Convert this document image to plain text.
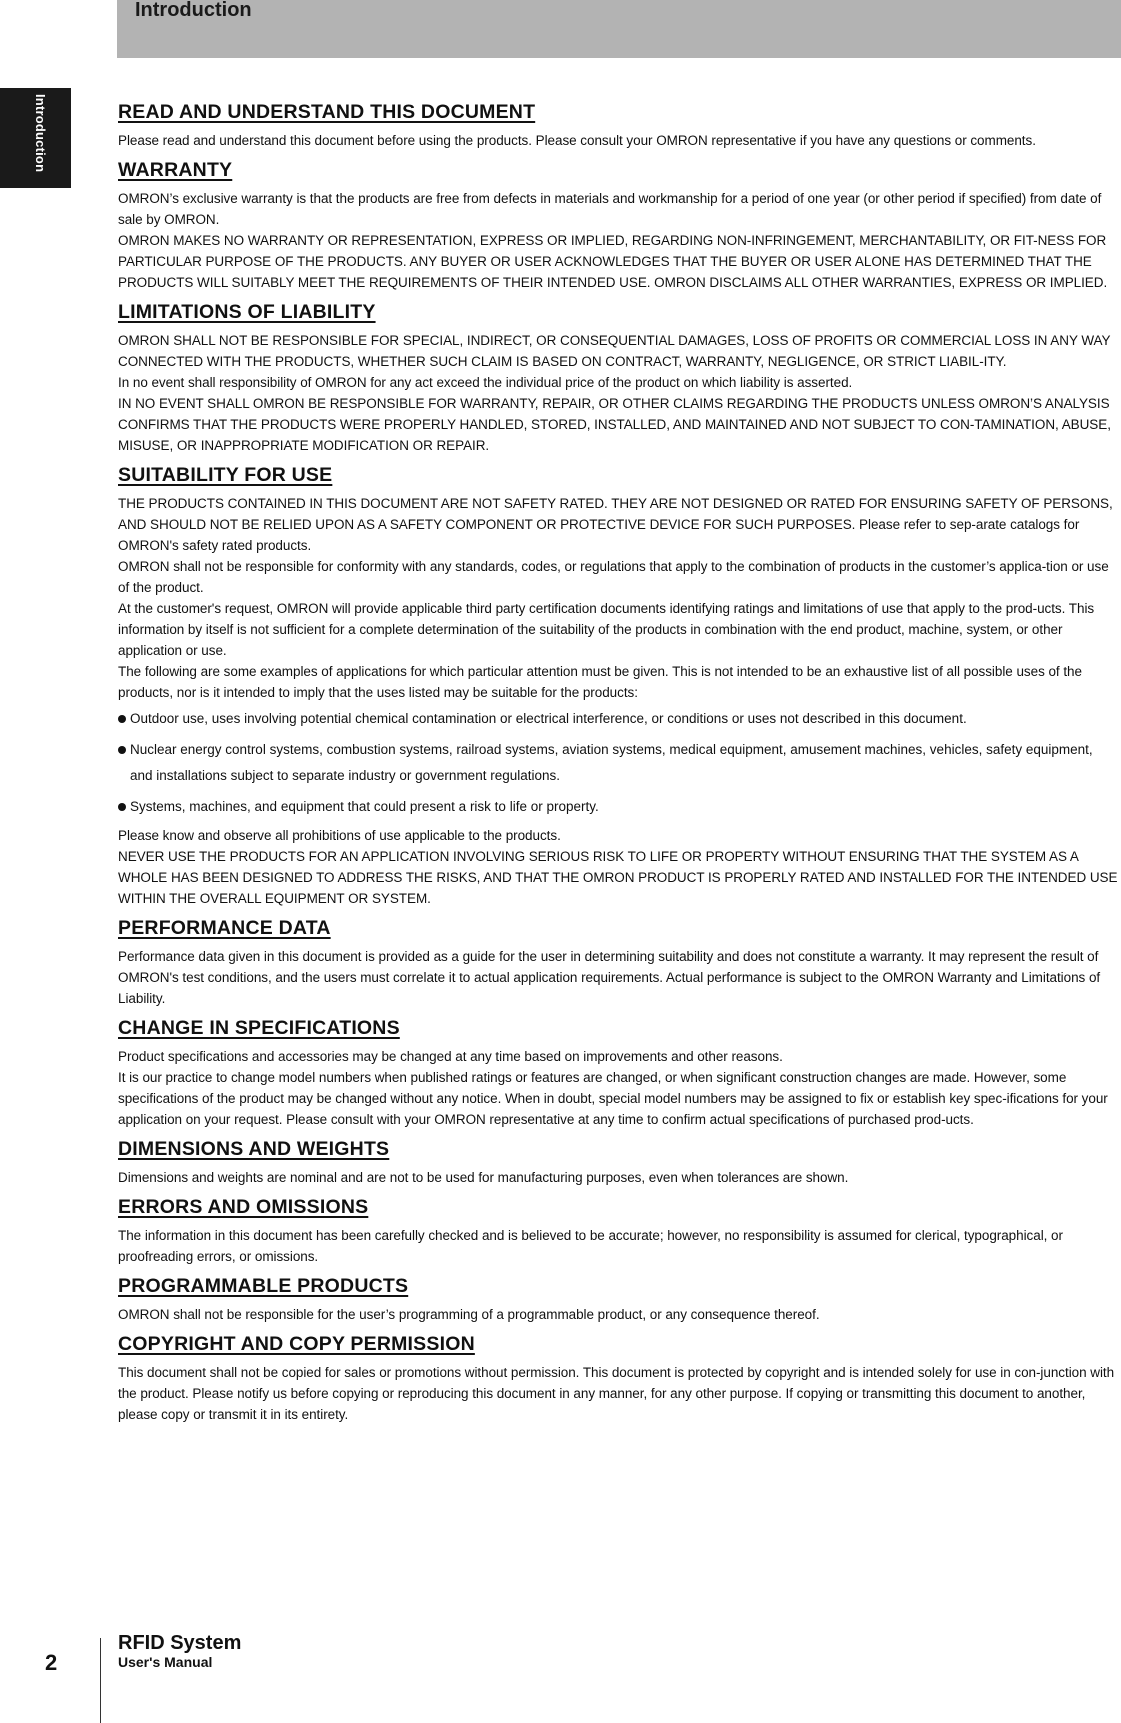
Introduction
Introduction	READ AND UNDERSTAND THIS DOCUMENT

Please read and understand this document before using the products. Please consult your OMRON representative if you have any questions or comments.

WARRANTY

OMRON’s exclusive warranty is that the products are free from defects in materials and workmanship for a period of one year (or other period if specified) from date of sale by OMRON.

OMRON MAKES NO WARRANTY OR REPRESENTATION, EXPRESS OR IMPLIED, REGARDING NON-INFRINGEMENT, MERCHANTABILITY, OR FIT-NESS FOR PARTICULAR PURPOSE OF THE PRODUCTS. ANY BUYER OR USER ACKNOWLEDGES THAT THE BUYER OR USER ALONE HAS DETERMINED THAT THE PRODUCTS WILL SUITABLY MEET THE REQUIREMENTS OF THEIR INTENDED USE. OMRON DISCLAIMS ALL OTHER WARRANTIES, EXPRESS OR IMPLIED.

LIMITATIONS OF LIABILITY

OMRON SHALL NOT BE RESPONSIBLE FOR SPECIAL, INDIRECT, OR CONSEQUENTIAL DAMAGES, LOSS OF PROFITS OR COMMERCIAL LOSS IN ANY WAY CONNECTED WITH THE PRODUCTS, WHETHER SUCH CLAIM IS BASED ON CONTRACT, WARRANTY, NEGLIGENCE, OR STRICT LIABIL-ITY.

In no event shall responsibility of OMRON for any act exceed the individual price of the product on which liability is asserted.

IN NO EVENT SHALL OMRON BE RESPONSIBLE FOR WARRANTY, REPAIR, OR OTHER CLAIMS REGARDING THE PRODUCTS UNLESS OMRON’S ANALYSIS CONFIRMS THAT THE PRODUCTS WERE PROPERLY HANDLED, STORED, INSTALLED, AND MAINTAINED AND NOT SUBJECT TO CON-TAMINATION, ABUSE, MISUSE, OR INAPPROPRIATE MODIFICATION OR REPAIR.

SUITABILITY FOR USE

THE PRODUCTS CONTAINED IN THIS DOCUMENT ARE NOT SAFETY RATED. THEY ARE NOT DESIGNED OR RATED FOR ENSURING SAFETY OF PERSONS, AND SHOULD NOT BE RELIED UPON AS A SAFETY COMPONENT OR PROTECTIVE DEVICE FOR SUCH PURPOSES. Please refer to sep-arate catalogs for OMRON's safety rated products.

OMRON shall not be responsible for conformity with any standards, codes, or regulations that apply to the combination of products in the customer’s applica-tion or use of the product.

At the customer's request, OMRON will provide applicable third party certification documents identifying ratings and limitations of use that apply to the prod-ucts. This information by itself is not sufficient for a complete determination of the suitability of the products in combination with the end product, machine, system, or other application or use.

The following are some examples of applications for which particular attention must be given. This is not intended to be an exhaustive list of all possible uses of the products, nor is it intended to imply that the uses listed may be suitable for the products:

Outdoor use, uses involving potential chemical contamination or electrical interference, or conditions or uses not described in this document.
Nuclear energy control systems, combustion systems, railroad systems, aviation systems, medical equipment, amusement machines, vehicles, safety equipment, and installations subject to separate industry or government regulations.
Systems, machines, and equipment that could present a risk to life or property.

Please know and observe all prohibitions of use applicable to the products.

NEVER USE THE PRODUCTS FOR AN APPLICATION INVOLVING SERIOUS RISK TO LIFE OR PROPERTY WITHOUT ENSURING THAT THE SYSTEM AS A WHOLE HAS BEEN DESIGNED TO ADDRESS THE RISKS, AND THAT THE OMRON PRODUCT IS PROPERLY RATED AND INSTALLED FOR THE INTENDED USE WITHIN THE OVERALL EQUIPMENT OR SYSTEM.

PERFORMANCE DATA

Performance data given in this document is provided as a guide for the user in determining suitability and does not constitute a warranty. It may represent the result of OMRON's test conditions, and the users must correlate it to actual application requirements. Actual performance is subject to the OMRON Warranty and Limitations of Liability.

CHANGE IN SPECIFICATIONS

Product specifications and accessories may be changed at any time based on improvements and other reasons.

It is our practice to change model numbers when published ratings or features are changed, or when significant construction changes are made. However, some specifications of the product may be changed without any notice. When in doubt, special model numbers may be assigned to fix or establish key spec-ifications for your application on your request. Please consult with your OMRON representative at any time to confirm actual specifications of purchased prod-ucts.

DIMENSIONS AND WEIGHTS

Dimensions and weights are nominal and are not to be used for manufacturing purposes, even when tolerances are shown.

ERRORS AND OMISSIONS

The information in this document has been carefully checked and is believed to be accurate; however, no responsibility is assumed for clerical, typographical, or proofreading errors, or omissions.

PROGRAMMABLE PRODUCTS

OMRON shall not be responsible for the user’s programming of a programmable product, or any consequence thereof.

COPYRIGHT AND COPY PERMISSION

This document shall not be copied for sales or promotions without permission. This document is protected by copyright and is intended solely for use in con-junction with the product. Please notify us before copying or reproducing this document in any manner, for any other purpose. If copying or transmitting this document to another, please copy or transmit it in its entirety.

2
RFID System
User's Manual
